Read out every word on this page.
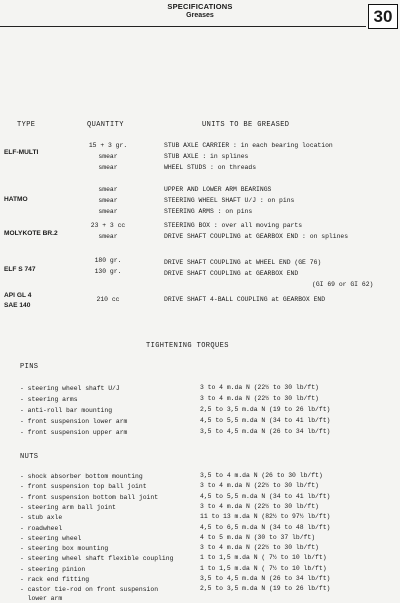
SPECIFICATIONS
Greases	30
TYPE	QUANTITY	UNITS TO BE GREASED
ELF-MULTI
15 + 3 gr.	STUB AXLE CARRIER : in each bearing location
smear	STUB AXLE : in splines
smear	WHEEL STUDS : on threads
HATMO
smear	UPPER AND LOWER ARM BEARINGS
smear	STEERING WHEEL SHAFT U/J : on pins
smear	STEERING ARMS : on pins
MOLYKOTE BR.2
23 + 3 cc	STEERING BOX : over all moving parts
smear	DRIVE SHAFT COUPLING at GEARBOX END : on splines
ELF S 747
180 gr.	DRIVE SHAFT COUPLING at WHEEL END (GE 76)
130 gr.	DRIVE SHAFT COUPLING at GEARBOX END
(GI 69 or GI 62)
API GL 4
SAE 140
210 cc	DRIVE SHAFT 4-BALL COUPLING at GEARBOX END
TIGHTENING TORQUES
PINS
- steering wheel shaft U/J	3 to 4 m.da N (22½ to 30 lb/ft)
- steering arms	3 to 4 m.da N (22½ to 30 lb/ft)
- anti-roll bar mounting	2,5 to 3,5 m.da N (19 to 26 lb/ft)
- front suspension lower arm	4,5 to 5,5 m.da N (34 to 41 lb/ft)
- front suspension upper arm	3,5 to 4,5 m.da N (26 to 34 lb/ft)
NUTS
- shock absorber bottom mounting	3,5 to 4 m.da N (26 to 30 lb/ft)
- front suspension top ball joint	3 to 4 m.da N (22½ to 30 lb/ft)
- front suspension bottom ball joint	4,5 to 5,5 m.da N (34 to 41 lb/ft)
- steering arm ball joint	3 to 4 m.da N (22½ to 30 lb/ft)
- stub axle	11 to 13 m.da N (82½ to 97½ lb/ft)
- roadwheel	4,5 to 6,5 m.da N (34 to 48 lb/ft)
- steering wheel	4 to 5 m.da N (30 to 37 lb/ft)
- steering box mounting	3 to 4 m.da N (22½ to 30 lb/ft)
- steering wheel shaft flexible coupling	1 to 1,5 m.da N ( 7½ to 10 lb/ft)
- steering pinion	1 to 1,5 m.da N ( 7½ to 10 lb/ft)
- rack end fitting	3,5 to 4,5 m.da N (26 to 34 lb/ft)
- castor tie-rod on front suspension
lower arm
2,5 to 3,5 m.da N (19 to 26 lb/ft)
